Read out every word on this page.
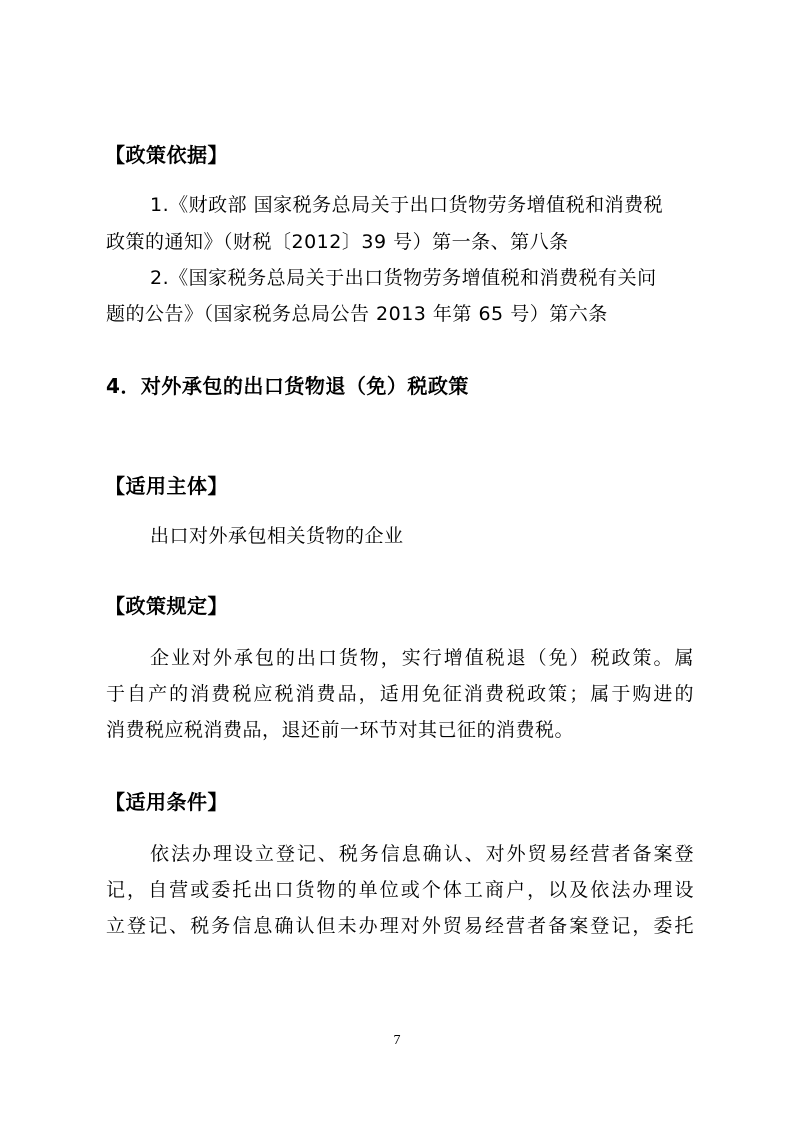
【政策依据】
1.《财政部 国家税务总局关于出口货物劳务增值税和消费税
政策的通知》（财税〔2012〕39 号）第一条、第八条
2.《国家税务总局关于出口货物劳务增值税和消费税有关问
题的公告》（国家税务总局公告 2013 年第 65 号）第六条
4．对外承包的出口货物退（免）税政策
【适用主体】
出口对外承包相关货物的企业
【政策规定】
企业对外承包的出口货物，实行增值税退（免）税政策。属
于自产的消费税应税消费品，适用免征消费税政策；属于购进的
消费税应税消费品，退还前一环节对其已征的消费税。
【适用条件】
依法办理设立登记、税务信息确认、对外贸易经营者备案登
记，自营或委托出口货物的单位或个体工商户，以及依法办理设
立登记、税务信息确认但未办理对外贸易经营者备案登记，委托
7
